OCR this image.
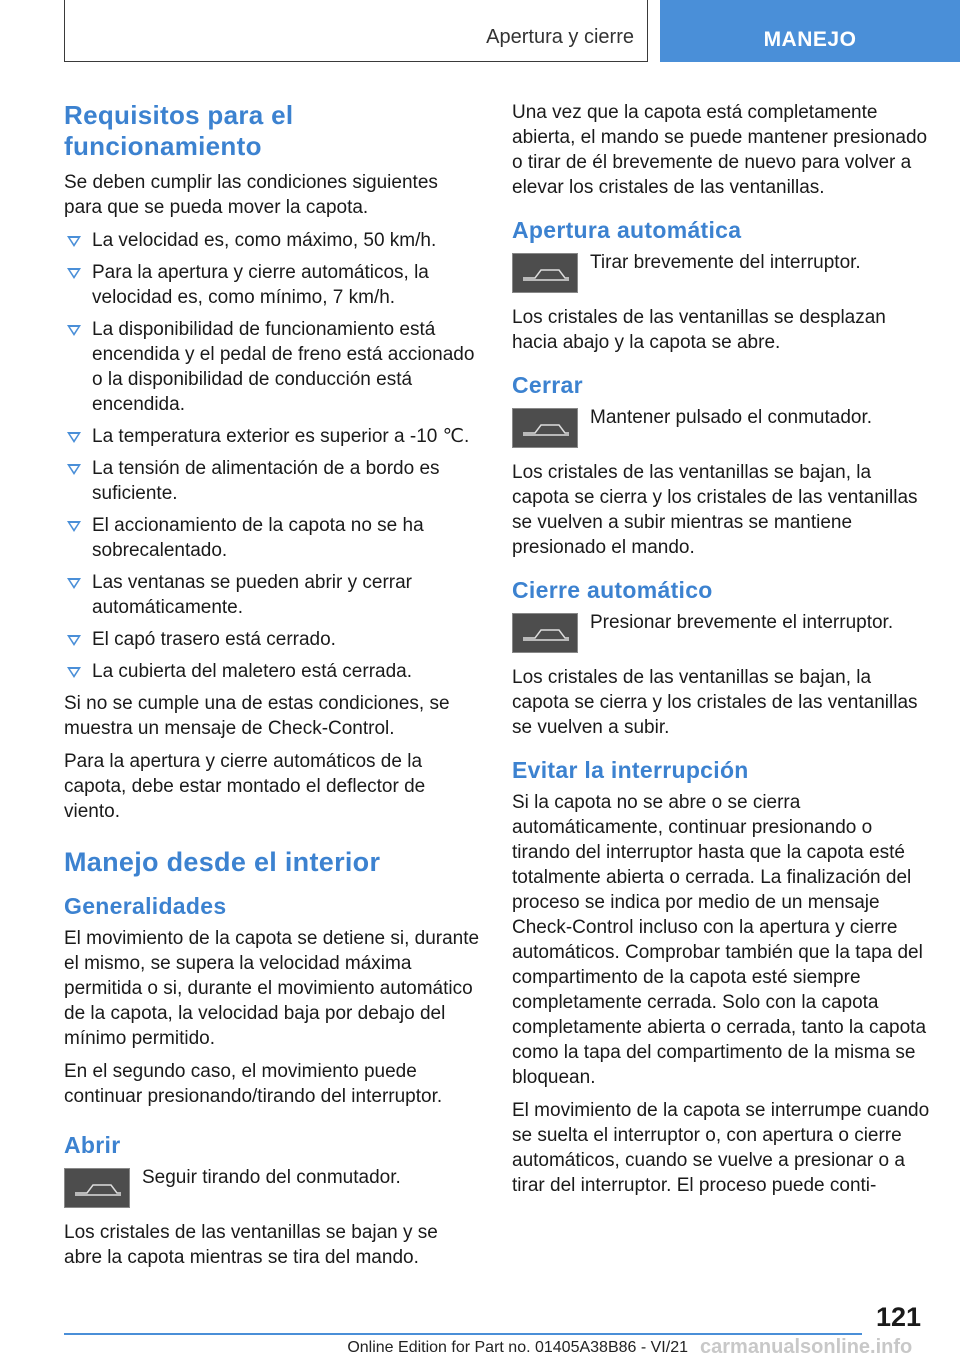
Apertura y cierre	MANEJO
Requisitos para el funcionamiento

Se deben cumplir las condiciones siguientes para que se pueda mover la capota.

La velocidad es, como máximo, 50 km/h.
Para la apertura y cierre automáticos, la velocidad es, como mínimo, 7 km/h.
La disponibilidad de funcionamiento está encendida y el pedal de freno está accionado o la disponibilidad de conducción está encendida.
La temperatura exterior es superior a -10 ℃.
La tensión de alimentación de a bordo es suficiente.
El accionamiento de la capota no se ha sobrecalentado.
Las ventanas se pueden abrir y cerrar automáticamente.
El capó trasero está cerrado.
La cubierta del maletero está cerrada.

Si no se cumple una de estas condiciones, se muestra un mensaje de Check-Control.

Para la apertura y cierre automáticos de la capota, debe estar montado el deflector de viento.

Manejo desde el interior
Generalidades

El movimiento de la capota se detiene si, durante el mismo, se supera la velocidad máxima permitida o si, durante el movimiento automático de la capota, la velocidad baja por debajo del mínimo permitido.

En el segundo caso, el movimiento puede continuar presionando/tirando del interruptor.

Abrir
Seguir tirando del conmutador.

Los cristales de las ventanillas se bajan y se abre la capota mientras se tira del mando.

Una vez que la capota está completamente abierta, el mando se puede mantener presionado o tirar de él brevemente de nuevo para volver a elevar los cristales de las ventanillas.

Apertura automática
Tirar brevemente del interruptor.

Los cristales de las ventanillas se desplazan hacia abajo y la capota se abre.

Cerrar
Mantener pulsado el conmutador.

Los cristales de las ventanillas se bajan, la capota se cierra y los cristales de las ventanillas se vuelven a subir mientras se mantiene presionado el mando.

Cierre automático
Presionar brevemente el interruptor.

Los cristales de las ventanillas se bajan, la capota se cierra y los cristales de las ventanillas se vuelven a subir.

Evitar la interrupción

Si la capota no se abre o se cierra automáticamente, continuar presionando o tirando del interruptor hasta que la capota esté totalmente abierta o cerrada. La finalización del proceso se indica por medio de un mensaje Check-Control incluso con la apertura y cierre automáticos. Comprobar también que la tapa del compartimento de la capota esté siempre completamente cerrada. Solo con la capota completamente abierta o cerrada, tanto la capota como la tapa del compartimento de la misma se bloquean.

El movimiento de la capota se interrumpe cuando se suelta el interruptor o, con apertura o cierre automáticos, cuando se vuelve a presionar o a tirar del interruptor. El proceso puede conti-

121
Online Edition for Part no. 01405A38B86 - VI/21 carmanualsonline.info
